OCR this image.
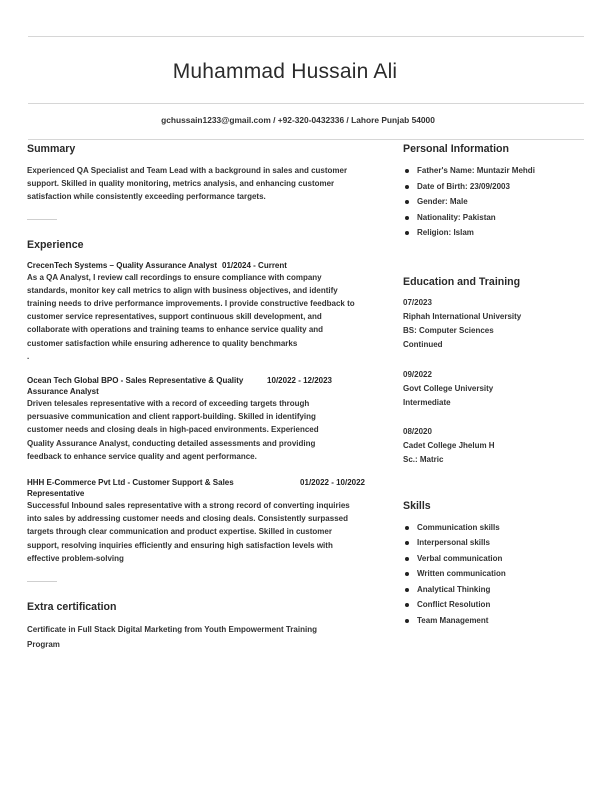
Muhammad Hussain Ali
gchussain1233@gmail.com / +92-320-0432336 / Lahore Punjab 54000
Summary

Experienced QA Specialist and Team Lead with a background in sales and customer support. Skilled in quality monitoring, metrics analysis, and enhancing customer satisfaction while consistently exceeding performance targets.

Experience
CrecenTech Systems – Quality Assurance Analyst 01/2024 - Current

As a QA Analyst, I review call recordings to ensure compliance with company standards, monitor key call metrics to align with business objectives, and identify training needs to drive performance improvements. I provide constructive feedback to customer service representatives, support continuous skill development, and collaborate with operations and training teams to enhance service quality and customer satisfaction while ensuring adherence to quality benchmarks

.

Ocean Tech Global BPO - Sales Representative & Quality Assurance Analyst
10/2022 - 12/2023

Driven telesales representative with a record of exceeding targets through persuasive communication and client rapport-building. Skilled in identifying customer needs and closing deals in high-paced environments. Experienced Quality Assurance Analyst, conducting detailed assessments and providing feedback to enhance service quality and agent performance.

HHH E-Commerce Pvt Ltd - Customer Support & Sales Representative
01/2022 - 10/2022

Successful Inbound sales representative with a strong record of converting inquiries into sales by addressing customer needs and closing deals. Consistently surpassed targets through clear communication and product expertise. Skilled in customer support, resolving inquiries efficiently and ensuring high satisfaction levels with effective problem-solving

Extra certification

Certificate in Full Stack Digital Marketing from Youth Empowerment Training Program

Personal Information
Father's Name: Muntazir Mehdi
Date of Birth: 23/09/2003
Gender: Male
Nationality: Pakistan
Religion: Islam
Education and Training
07/2023
Riphah International University
BS: Computer Sciences
Continued
09/2022
Govt College University
Intermediate
08/2020
Cadet College Jhelum H
Sc.: Matric
Skills
Communication skills
Interpersonal skills
Verbal communication
Written communication
Analytical Thinking
Conflict Resolution
Team Management
